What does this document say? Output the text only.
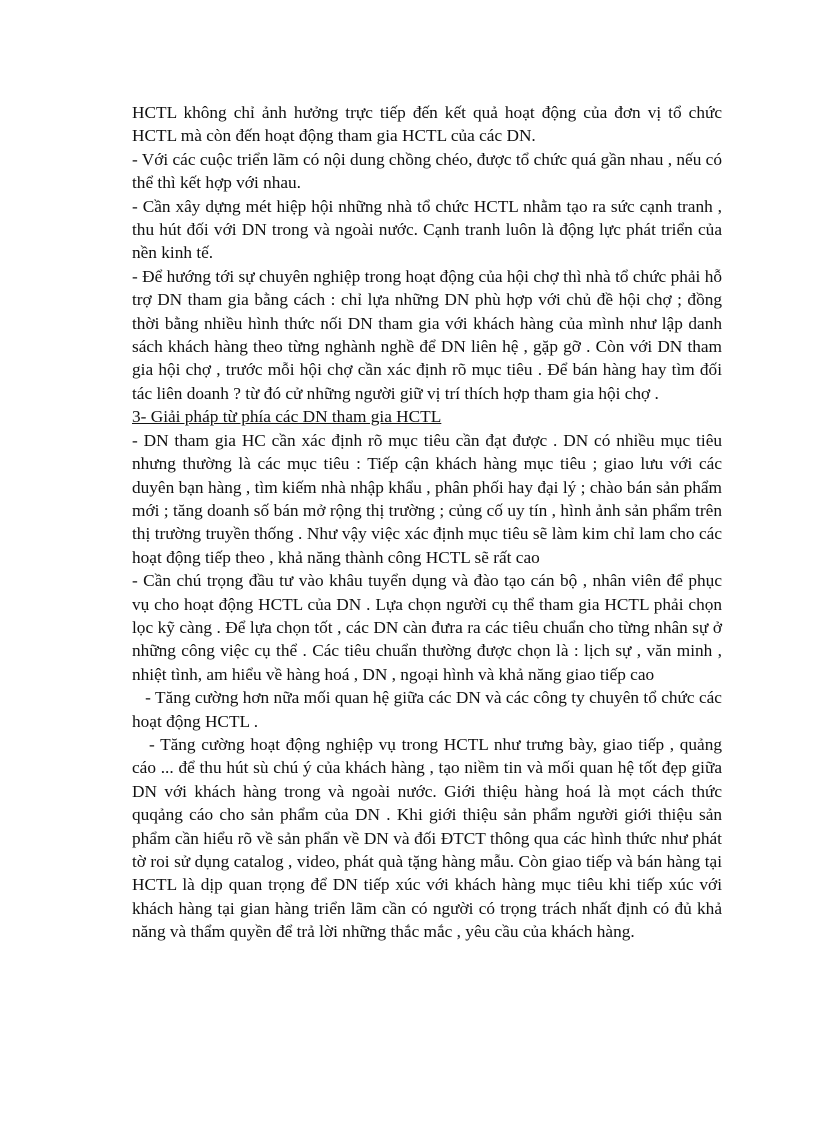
HCTL không chỉ ảnh hưởng trực tiếp đến kết quả hoạt động của đơn vị tổ chức HCTL mà còn đến hoạt động tham gia HCTL của các DN.

- Với các cuộc triển lãm có nội dung chồng chéo, được tổ chức quá gần nhau , nếu có thể thì kết hợp với nhau.

- Cần xây dựng mét hiệp hội những nhà tổ chức HCTL nhằm tạo ra sức cạnh tranh , thu hút đối với DN trong và ngoài nước. Cạnh tranh luôn là động lực phát triển của nền kinh tế.

- Để hướng tới sự chuyên nghiệp trong hoạt động của hội chợ thì nhà tổ chức phải hỗ trợ DN tham gia bằng cách : chỉ lựa những DN phù hợp với chủ đề hội chợ ; đồng thời bằng nhiều hình thức nối DN tham gia với khách hàng của mình như lập danh sách khách hàng theo từng nghành nghề để DN liên hệ , gặp gỡ . Còn với DN tham gia hội chợ , trước mỗi hội chợ cần xác định rõ mục tiêu . Để bán hàng hay tìm đối tác liên doanh ? từ đó cử những người giữ vị trí thích hợp tham gia hội chợ .

3- Giải pháp từ phía các DN tham gia HCTL

- DN tham gia HC cần xác định rõ mục tiêu cần đạt được . DN có nhiều mục tiêu nhưng thường là các mục tiêu : Tiếp cận khách hàng mục tiêu ; giao lưu với các duyên bạn hàng , tìm kiếm nhà nhập khẩu , phân phối hay đại lý ; chào bán sản phẩm mới ; tăng doanh số bán mở rộng thị trường ; củng cố uy tín , hình ảnh sản phẩm trên thị trường truyền thống . Như vậy việc xác định mục tiêu sẽ làm kim chỉ lam cho các hoạt động tiếp theo , khả năng thành công HCTL sẽ rất cao

- Cần chú trọng đầu tư vào khâu tuyển dụng và đào tạo cán bộ , nhân viên để phục vụ cho hoạt động HCTL của DN . Lựa chọn người cụ thể tham gia HCTL phải chọn lọc kỹ càng . Để lựa chọn tốt , các DN càn đưra ra các tiêu chuẩn cho từng nhân sự ở những công việc cụ thể . Các tiêu chuẩn thường được chọn là : lịch sự , văn minh , nhiệt tình, am hiểu về hàng hoá , DN , ngoại hình và khả năng giao tiếp cao

- Tăng cường hơn nữa mối quan hệ giữa các DN và các công ty chuyên tổ chức các hoạt động HCTL .

- Tăng cường hoạt động nghiệp vụ trong HCTL như trưng bày, giao tiếp , quảng cáo ... để thu hút sù chú ý của khách hàng , tạo niềm tin và mối quan hệ tốt đẹp giữa DN với khách hàng trong và ngoài nước. Giới thiệu hàng hoá là mọt cách thức quqảng cáo cho sản phẩm của DN . Khi giới thiệu sản phẩm người giới thiệu sản phẩm cần hiểu rõ về sản phẩn về DN và đối ĐTCT thông qua các hình thức như phát tờ roi sử dụng catalog , video, phát quà tặng hàng mẫu. Còn giao tiếp và bán hàng tại HCTL là dịp quan trọng để DN tiếp xúc với khách hàng mục tiêu khi tiếp xúc với khách hàng tại gian hàng triển lãm cần có người có trọng trách nhất định có đủ khả năng và thẩm quyền để trả lời những thắc mắc , yêu cầu của khách hàng.
